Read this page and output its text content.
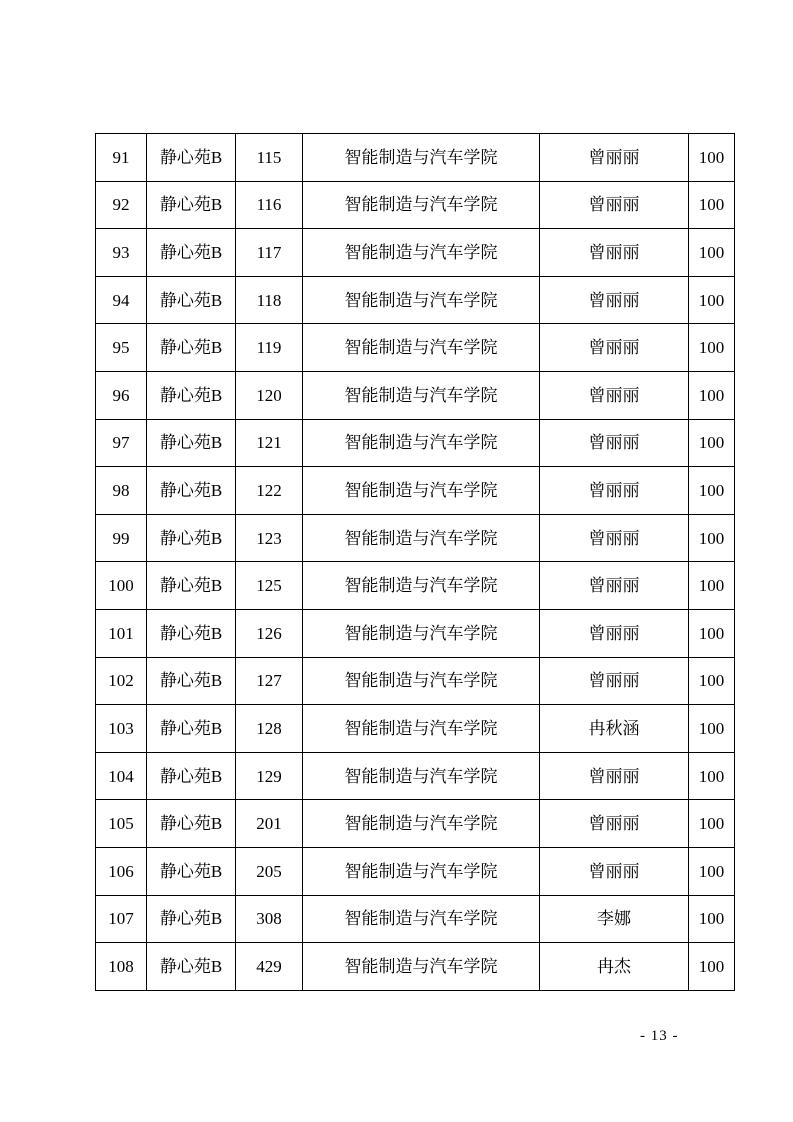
91	静心苑B	115	智能制造与汽车学院	曾丽丽	100
92	静心苑B	116	智能制造与汽车学院	曾丽丽	100
93	静心苑B	117	智能制造与汽车学院	曾丽丽	100
94	静心苑B	118	智能制造与汽车学院	曾丽丽	100
95	静心苑B	119	智能制造与汽车学院	曾丽丽	100
96	静心苑B	120	智能制造与汽车学院	曾丽丽	100
97	静心苑B	121	智能制造与汽车学院	曾丽丽	100
98	静心苑B	122	智能制造与汽车学院	曾丽丽	100
99	静心苑B	123	智能制造与汽车学院	曾丽丽	100
100	静心苑B	125	智能制造与汽车学院	曾丽丽	100
101	静心苑B	126	智能制造与汽车学院	曾丽丽	100
102	静心苑B	127	智能制造与汽车学院	曾丽丽	100
103	静心苑B	128	智能制造与汽车学院	冉秋涵	100
104	静心苑B	129	智能制造与汽车学院	曾丽丽	100
105	静心苑B	201	智能制造与汽车学院	曾丽丽	100
106	静心苑B	205	智能制造与汽车学院	曾丽丽	100
107	静心苑B	308	智能制造与汽车学院	李娜	100
108	静心苑B	429	智能制造与汽车学院	冉杰	100
- 13 -
